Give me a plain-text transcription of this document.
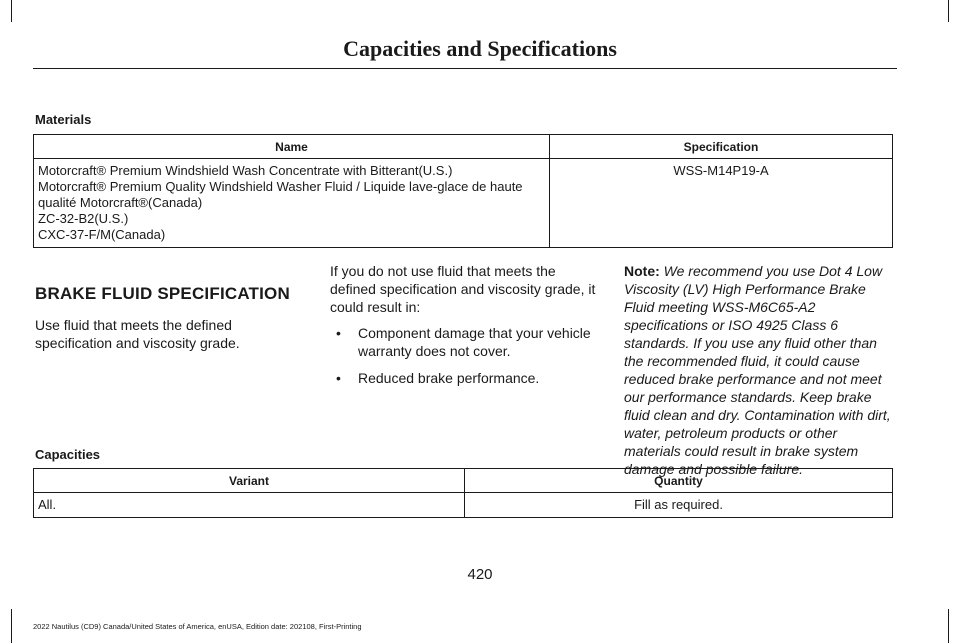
Capacities and Specifications
Materials
Name	Specification

Motorcraft® Premium Windshield Wash Concentrate with Bitterant(U.S.)
Motorcraft® Premium Quality Windshield Washer Fluid / Liquide lave-glace de haute qualité Motorcraft®(Canada)
ZC-32-B2(U.S.)
CXC-37-F/M(Canada)	WSS-M14P19-A
BRAKE FLUID SPECIFICATION

Use fluid that meets the defined specification and viscosity grade.

If you do not use fluid that meets the defined specification and viscosity grade, it could result in:

• Component damage that your vehicle warranty does not cover.
• Reduced brake performance.
Note: We recommend you use Dot 4 Low Viscosity (LV) High Performance Brake Fluid meeting WSS-M6C65-A2 specifications or ISO 4925 Class 6 standards. If you use any fluid other than the recommended fluid, it could cause reduced brake performance and not meet our performance standards. Keep brake fluid clean and dry. Contamination with dirt, water, petroleum products or other materials could result in brake system damage and possible failure.
Capacities
Variant	Quantity
All.	Fill as required.
420
2022 Nautilus (CD9) Canada/United States of America, enUSA, Edition date: 202108, First-Printing
